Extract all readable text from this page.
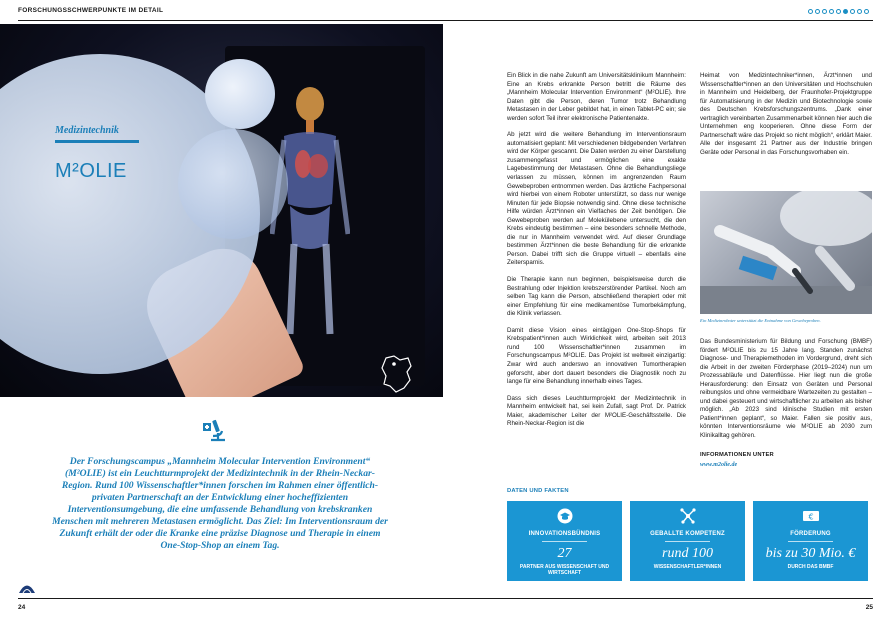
FORSCHUNGSSCHWERPUNKTE IM DETAIL
Medizintechnik
M²OLIE
Der Forschungscampus „Mannheim Molecular Intervention Environment“ (M²OLIE) ist ein Leuchtturmprojekt der Medizintechnik in der Rhein-Neckar-Region. Rund 100 Wissenschaftler*innen forschen im Rahmen einer öffentlich-privaten Partnerschaft an der Entwicklung einer hocheffizienten Interventionsumgebung, die eine umfassende Behandlung von krebskranken Menschen mit mehreren Metastasen ermöglicht. Das Ziel: Im Interventionsraum der Zukunft erhält der oder die Kranke eine präzise Diagnose und Therapie in einem One-Stop-Shop an einem Tag.

Ein Blick in die nahe Zukunft am Universitätsklinikum Mannheim: Eine an Krebs erkrankte Person betritt die Räume des „Mannheim Molecular Intervention Environment“ (M²OLIE). Ihre Daten gibt die Person, deren Tumor trotz Behandlung Metastasen in der Leber gebildet hat, in einen Tablet-PC ein; sie werden sofort Teil ihrer elektronische Patientenakte.

Ab jetzt wird die weitere Behandlung im Interventionsraum automatisiert geplant: Mit verschiedenen bildgebenden Verfahren wird der Körper gescannt. Die Daten werden zu einer Darstellung zusammengefasst und ermöglichen eine exakte Lagebestimmung der Metastasen. Ohne die Behandlungsliege verlassen zu müssen, können im angrenzenden Raum Gewebeproben entnommen werden. Das ärztliche Fachpersonal wird hierbei von einem Roboter unterstützt, so dass nur wenige Minuten für jede Biopsie notwendig sind. Ohne diese technische Hilfe würden Ärzt*innen ein Vielfaches der Zeit benötigen. Die Gewebeproben werden auf Molekülebene untersucht, die den Krebs eindeutig bestimmen – eine besonders schnelle Methode, die nur in Mannheim verwendet wird. Auf dieser Grundlage bestimmen Ärzt*innen die beste Behandlung für die erkrankte Person. Dabei trifft sich die Gruppe virtuell – ebenfalls eine Zeitersparnis.

Die Therapie kann nun beginnen, beispielsweise durch die Bestrahlung oder Injektion krebszerstörender Partikel. Noch am selben Tag kann die Person, abschließend therapiert oder mit einer Empfehlung für eine medikamentöse Tumorbekämpfung, die Klinik verlassen.

Damit diese Vision eines eintägigen One-Stop-Shops für Krebspatient*innen auch Wirklichkeit wird, arbeiten seit 2013 rund 100 Wissenschaftler*innen zusammen im Forschungscampus M²OLIE. Das Projekt ist weltweit einzigartig: Zwar wird auch anderswo an innovativen Tumortherapien geforscht, aber dort dauert besonders die Diagnostik noch zu lange für eine Behandlung innerhalb eines Tages.

Dass sich dieses Leuchtturmprojekt der Medizintechnik in Mannheim entwickelt hat, sei kein Zufall, sagt Prof. Dr. Patrick Maier, akademischer Leiter der M²OLIE-Geschäftsstelle. Die Rhein-Neckar-Region ist die

Heimat von Medizintechniker*innen, Ärzt*innen und Wissenschaftler*innen an den Universitäten und Hochschulen in Mannheim und Heidelberg, der Fraunhofer-Projektgruppe für Automatisierung in der Medizin und Biotechnologie sowie des Deutschen Krebsforschungszentrums. „Dank einer vertraglich vereinbarten Zusammenarbeit können hier auch die Unternehmen eng kooperieren. Ohne diese Form der Partnerschaft wäre das Projekt so nicht möglich“, erklärt Maier. Alle der insgesamt 21 Partner aus der Industrie bringen Geräte oder Personal in das Forschungsvorhaben ein.

Ein Medizinroboter unterstützt die Entnahme von Gewebeproben.

Das Bundesministerium für Bildung und Forschung (BMBF) fördert M²OLIE bis zu 15 Jahre lang. Standen zunächst Diagnose- und Therapiemethoden im Vordergrund, dreht sich die Arbeit in der zweiten Förderphase (2019–2024) nun um Prozessabläufe und Datenflüsse. Hier liegt nun die große Herausforderung: den Einsatz von Geräten und Personal reibungslos und ohne vermeidbare Wartezeiten zu gestalten – und dabei gesteuert und wirtschaftlicher zu arbeiten als bisher möglich. „Ab 2023 sind klinische Studien mit ersten Patient*innen geplant“, so Maier. Fallen sie positiv aus, könnten Interventionsräume wie M²OLIE ab 2030 zum Klinikalltag gehören.

INFORMATIONEN UNTER
www.m2olie.de
DATEN UND FAKTEN
INNOVATIONSBÜNDNIS
27
PARTNER AUS WISSENSCHAFT UND WIRTSCHAFT
GEBALLTE KOMPETENZ
rund 100
WISSENSCHAFTLER*INNEN
€
FÖRDERUNG
bis zu 30 Mio. €
DURCH DAS BMBF
24	25
